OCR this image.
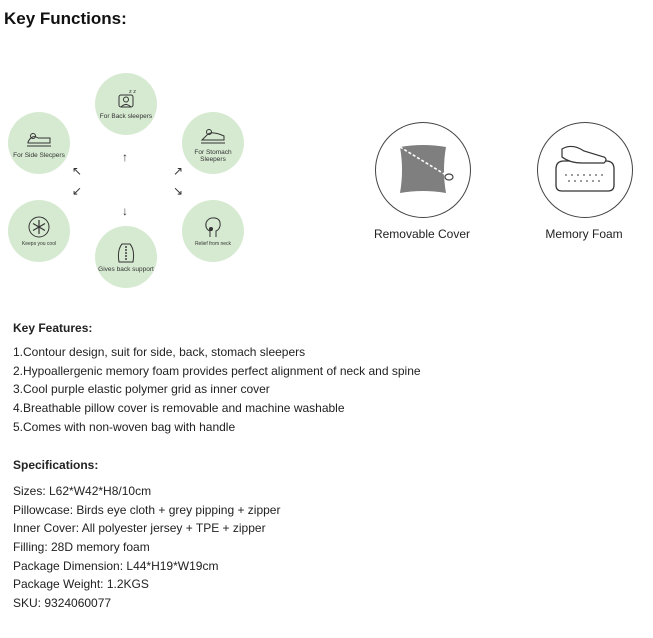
Key Functions:
z z
For Back sleepers
For Side Slecpers
For Stomach Sleepers
Keeps you cool	Relief from neck
Gives back support
↑
↓
↖
↙
↗
↘
Removable Cover	Memory Foam
Key Features:
1.Contour design, suit for side, back, stomach sleepers
2.Hypoallergenic memory foam provides perfect alignment of neck and spine
3.Cool purple elastic polymer grid as inner cover
4.Breathable pillow cover is removable and machine washable
5.Comes with non-woven bag with handle
Specifications:
Sizes: L62*W42*H8/10cm
Pillowcase: Birds eye cloth + grey pipping + zipper
Inner Cover: All polyester jersey + TPE + zipper
Filling: 28D memory foam
Package Dimension: L44*H19*W19cm
Package Weight: 1.2KGS
SKU: 9324060077
